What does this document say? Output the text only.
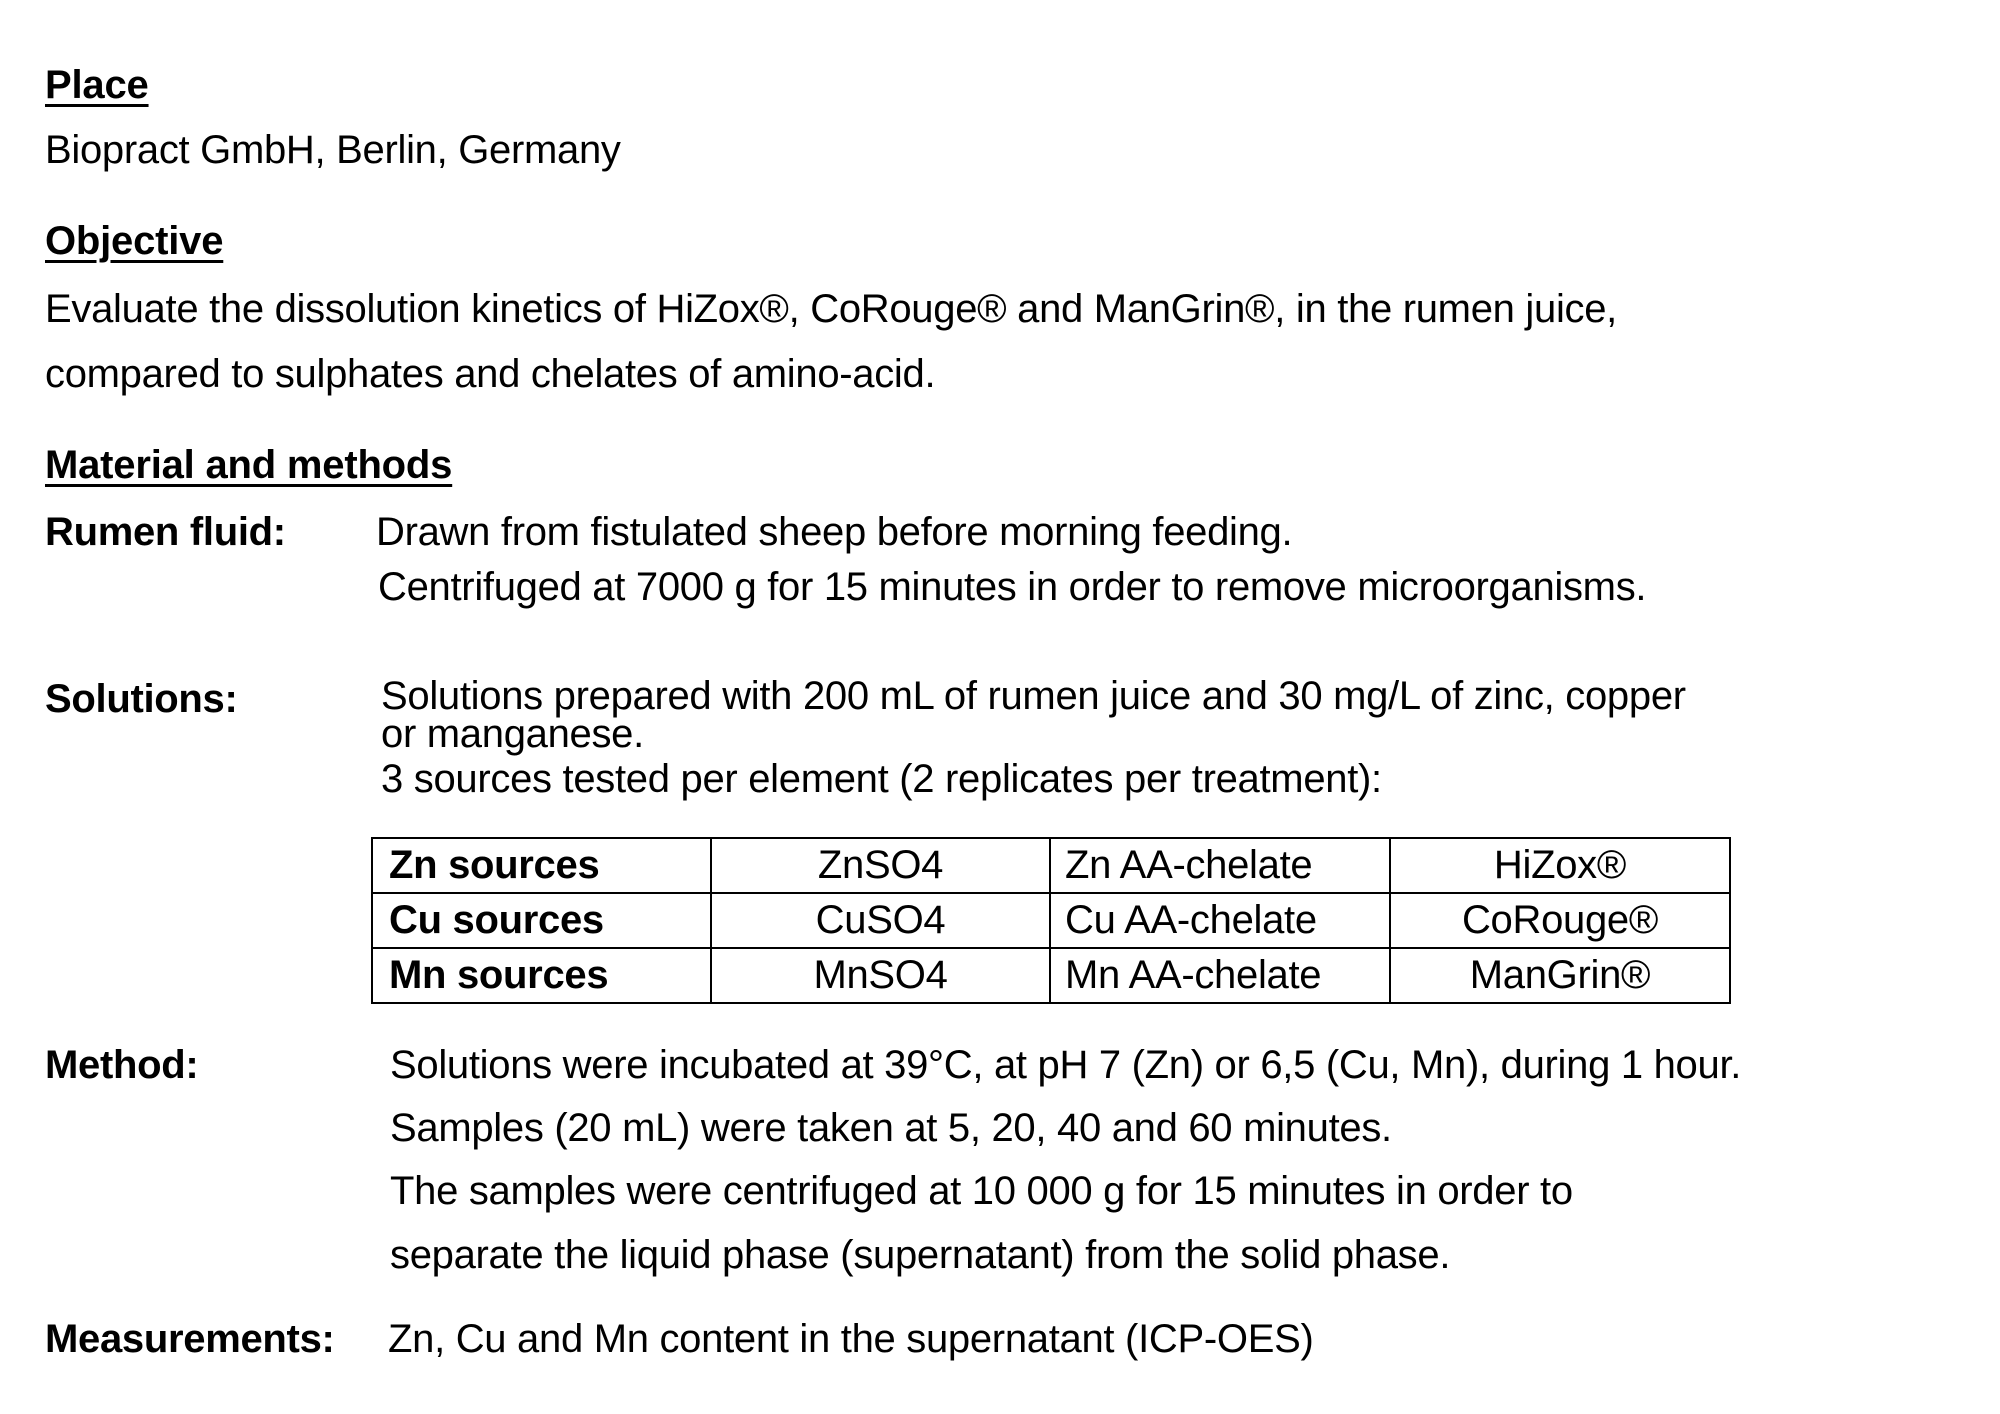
Place
Biopract GmbH, Berlin, Germany
Objective
Evaluate the dissolution kinetics of HiZox®, CoRouge® and ManGrin®, in the rumen juice,
compared to sulphates and chelates of amino-acid.
Material and methods
Rumen fluid: Drawn from fistulated sheep before morning feeding.
Centrifuged at 7000 g for 15 minutes in order to remove microorganisms.
Solutions:	Solutions prepared with 200 mL of rumen juice and 30 mg/L of zinc, copper
or manganese.
3 sources tested per element (2 replicates per treatment):
Zn sources	ZnSO4	Zn AA-chelate	HiZox®
Cu sources	CuSO4	Cu AA-chelate	CoRouge®
Mn sources	MnSO4	Mn AA-chelate	ManGrin®
Method:	Solutions were incubated at 39°C, at pH 7 (Zn) or 6,5 (Cu, Mn), during 1 hour.
Samples (20 mL) were taken at 5, 20, 40 and 60 minutes.
The samples were centrifuged at 10 000 g for 15 minutes in order to
separate the liquid phase (supernatant) from the solid phase.
Measurements: Zn, Cu and Mn content in the supernatant (ICP-OES)
